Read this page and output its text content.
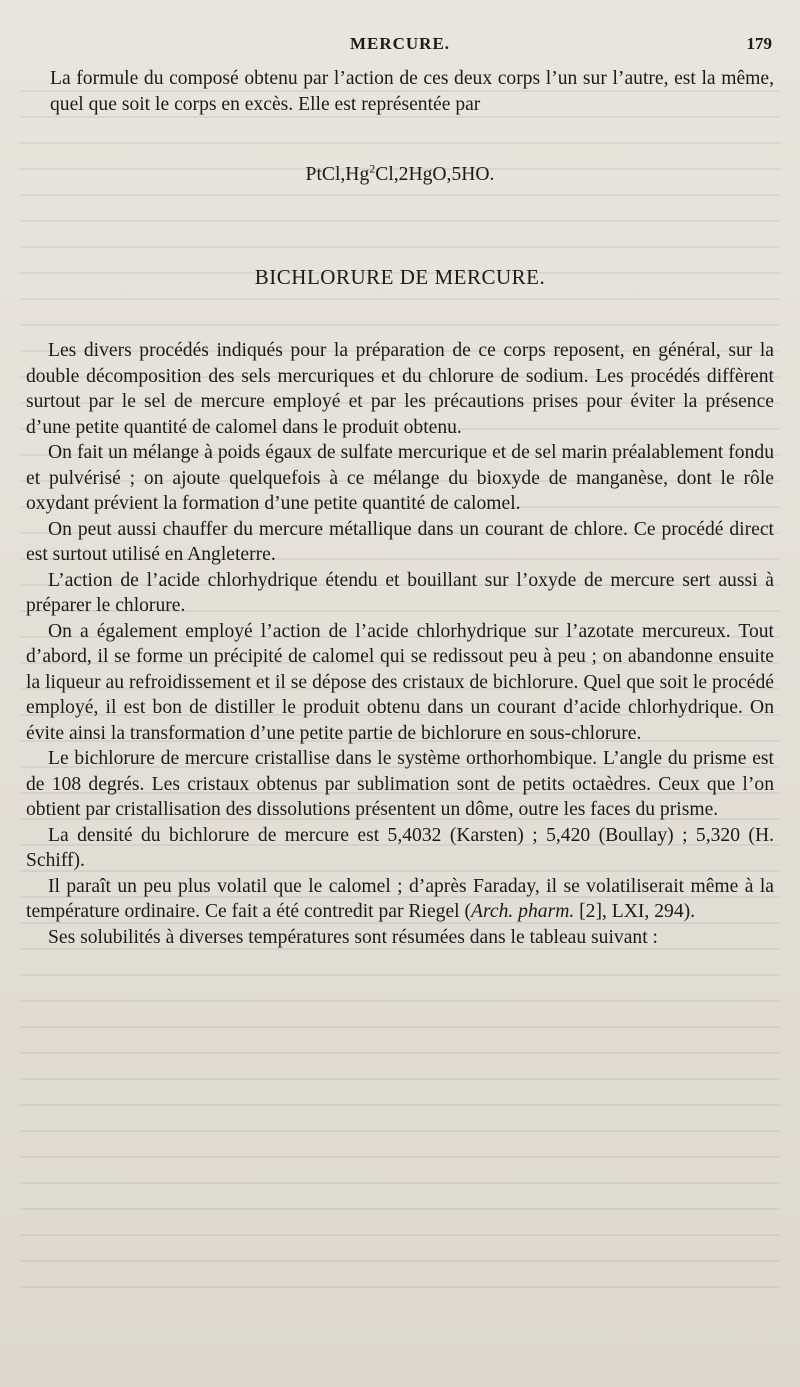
MERCURE.	179

La formule du composé obtenu par l’action de ces deux corps l’un sur l’autre, est la même, quel que soit le corps en excès. Elle est représentée par

PtCl,Hg$^2$Cl,2HgO,5HO.
BICHLORURE DE MERCURE.

Les divers procédés indiqués pour la préparation de ce corps reposent, en général, sur la double décomposition des sels mercuriques et du chlorure de sodium. Les procédés diffèrent surtout par le sel de mercure employé et par les précautions prises pour éviter la présence d’une petite quantité de calomel dans le produit obtenu.

On fait un mélange à poids égaux de sulfate mercurique et de sel marin préalablement fondu et pulvérisé ; on ajoute quelquefois à ce mélange du bioxyde de manganèse, dont le rôle oxydant prévient la formation d’une petite quantité de calomel.

On peut aussi chauffer du mercure métallique dans un courant de chlore. Ce procédé direct est surtout utilisé en Angleterre.

L’action de l’acide chlorhydrique étendu et bouillant sur l’oxyde de mercure sert aussi à préparer le chlorure.

On a également employé l’action de l’acide chlorhydrique sur l’azotate mercureux. Tout d’abord, il se forme un précipité de calomel qui se redissout peu à peu ; on abandonne ensuite la liqueur au refroidissement et il se dépose des cristaux de bichlorure. Quel que soit le procédé employé, il est bon de distiller le produit obtenu dans un courant d’acide chlorhydrique. On évite ainsi la transformation d’une petite partie de bichlorure en sous-chlorure.

Le bichlorure de mercure cristallise dans le système orthorhombique. L’angle du prisme est de 108 degrés. Les cristaux obtenus par sublimation sont de petits octaèdres. Ceux que l’on obtient par cristallisation des dissolutions présentent un dôme, outre les faces du prisme.

La densité du bichlorure de mercure est 5,4032 (Karsten) ; 5,420 (Boullay) ; 5,320 (H. Schiff).

Il paraît un peu plus volatil que le calomel ; d’après Faraday, il se volatiliserait même à la température ordinaire. Ce fait a été contredit par Riegel (Arch. pharm. [2], LXI, 294).

Ses solubilités à diverses températures sont résumées dans le tableau suivant :
